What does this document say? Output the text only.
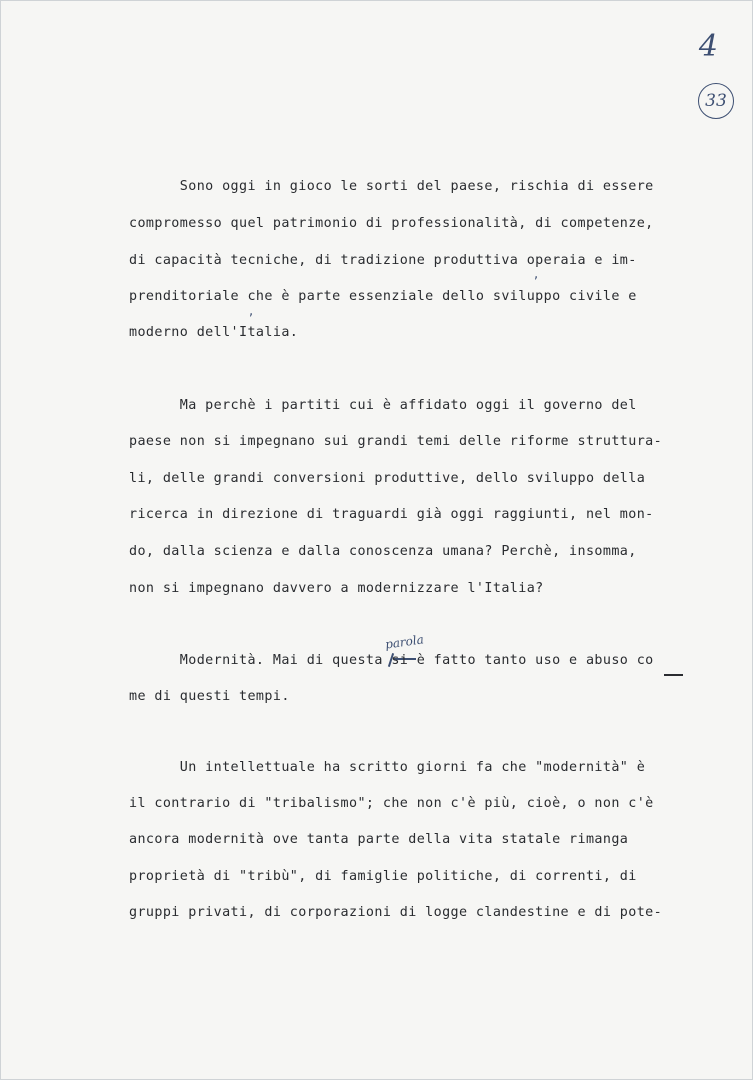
4
33
parola
,
,
Sono oggi in gioco le sorti del paese, rischia di essere
compromesso quel patrimonio di professionalità, di competenze,
di capacità tecniche, di tradizione produttiva operaia e im-
prenditoriale che è parte essenziale dello sviluppo civile e
moderno dell'Italia.
Ma perchè i partiti cui è affidato oggi il governo del
paese non si impegnano sui grandi temi delle riforme struttura-
li, delle grandi conversioni produttive, dello sviluppo della
ricerca in direzione di traguardi già oggi raggiunti, nel mon-
do, dalla scienza e dalla conoscenza umana? Perchè, insomma,
non si impegnano davvero a modernizzare l'Italia?
Modernità. Mai di questa si è fatto tanto uso e abuso co
me di questi tempi.
Un intellettuale ha scritto giorni fa che "modernità" è
il contrario di "tribalismo"; che non c'è più, cioè, o non c'è
ancora modernità ove tanta parte della vita statale rimanga
proprietà di "tribù", di famiglie politiche, di correnti, di
gruppi privati, di corporazioni di logge clandestine e di pote-
